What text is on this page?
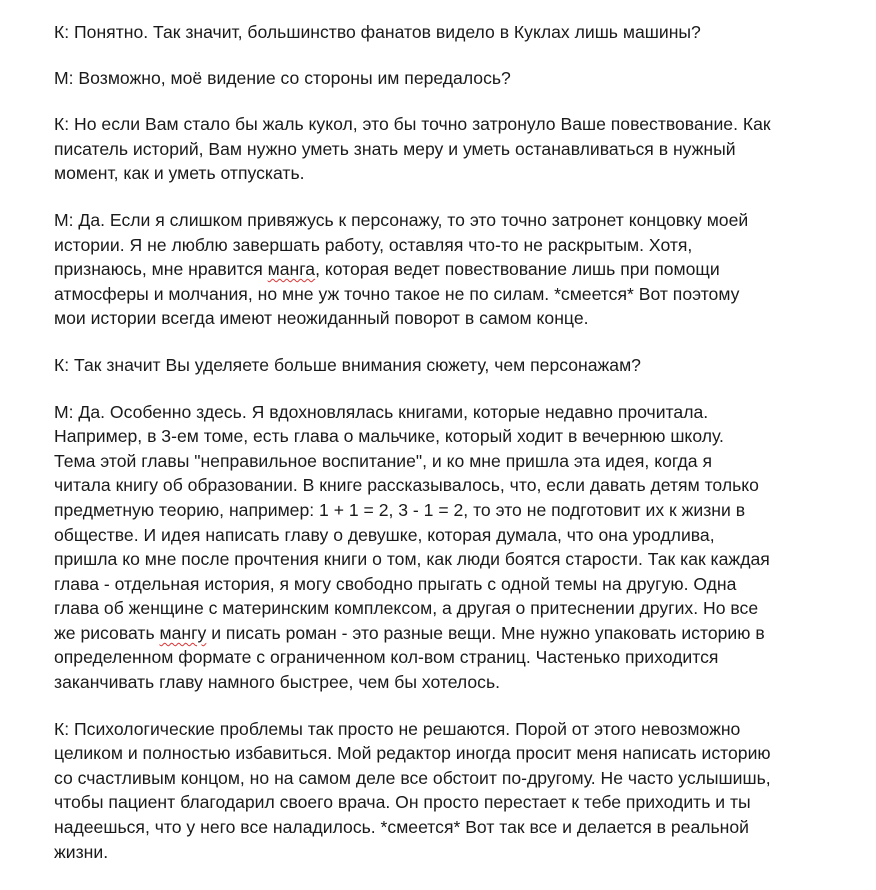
К: Понятно. Так значит, большинство фанатов видело в Куклах лишь машины?

М: Возможно, моё видение со стороны им передалось?

К: Но если Вам стало бы жаль кукол, это бы точно затронуло Ваше повествование. Как
писатель историй, Вам нужно уметь знать меру и уметь останавливаться в нужный
момент, как и уметь отпускать.

М: Да. Если я слишком привяжусь к персонажу, то это точно затронет концовку моей
истории. Я не люблю завершать работу, оставляя что-то не раскрытым. Хотя,
признаюсь, мне нравится манга, которая ведет повествование лишь при помощи
атмосферы и молчания, но мне уж точно такое не по силам. *смеется* Вот поэтому
мои истории всегда имеют неожиданный поворот в самом конце.

К: Так значит Вы уделяете больше внимания сюжету, чем персонажам?

М: Да. Особенно здесь. Я вдохновлялась книгами, которые недавно прочитала.
Например, в 3-ем томе, есть глава о мальчике, который ходит в вечернюю школу.
Тема этой главы "неправильное воспитание", и ко мне пришла эта идея, когда я
читала книгу об образовании. В книге рассказывалось, что, если давать детям только
предметную теорию, например: 1 + 1 = 2, 3 - 1 = 2, то это не подготовит их к жизни в
обществе. И идея написать главу о девушке, которая думала, что она уродлива,
пришла ко мне после прочтения книги о том, как люди боятся старости. Так как каждая
глава - отдельная история, я могу свободно прыгать с одной темы на другую. Одна
глава об женщине с материнским комплексом, а другая о притеснении других. Но все
же рисовать мангу и писать роман - это разные вещи. Мне нужно упаковать историю в
определенном формате с ограниченном кол-вом страниц. Частенько приходится
заканчивать главу намного быстрее, чем бы хотелось.

К: Психологические проблемы так просто не решаются. Порой от этого невозможно
целиком и полностью избавиться. Мой редактор иногда просит меня написать историю
со счастливым концом, но на самом деле все обстоит по-другому. Не часто услышишь,
чтобы пациент благодарил своего врача. Он просто перестает к тебе приходить и ты
надеешься, что у него все наладилось. *смеется* Вот так все и делается в реальной
жизни.
